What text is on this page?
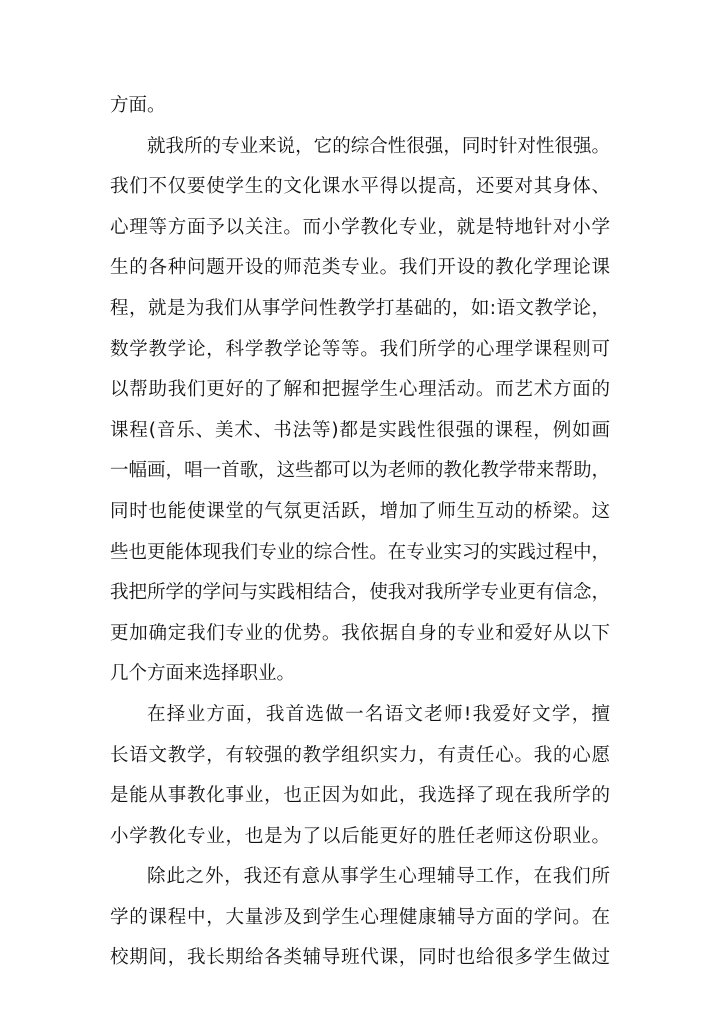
方面。
就我所的专业来说，它的综合性很强，同时针对性很强。
我们不仅要使学生的文化课水平得以提高，还要对其身体、
心理等方面予以关注。而小学教化专业，就是特地针对小学
生的各种问题开设的师范类专业。我们开设的教化学理论课
程，就是为我们从事学问性教学打基础的，如:语文教学论，
数学教学论，科学教学论等等。我们所学的心理学课程则可
以帮助我们更好的了解和把握学生心理活动。而艺术方面的
课程(音乐、美术、书法等)都是实践性很强的课程，例如画
一幅画，唱一首歌，这些都可以为老师的教化教学带来帮助，
同时也能使课堂的气氛更活跃，增加了师生互动的桥梁。这
些也更能体现我们专业的综合性。在专业实习的实践过程中，
我把所学的学问与实践相结合，使我对我所学专业更有信念，
更加确定我们专业的优势。我依据自身的专业和爱好从以下
几个方面来选择职业。
在择业方面，我首选做一名语文老师!我爱好文学，擅
长语文教学，有较强的教学组织实力，有责任心。我的心愿
是能从事教化事业，也正因为如此，我选择了现在我所学的
小学教化专业，也是为了以后能更好的胜任老师这份职业。
除此之外，我还有意从事学生心理辅导工作，在我们所
学的课程中，大量涉及到学生心理健康辅导方面的学问。在
校期间，我长期给各类辅导班代课，同时也给很多学生做过
